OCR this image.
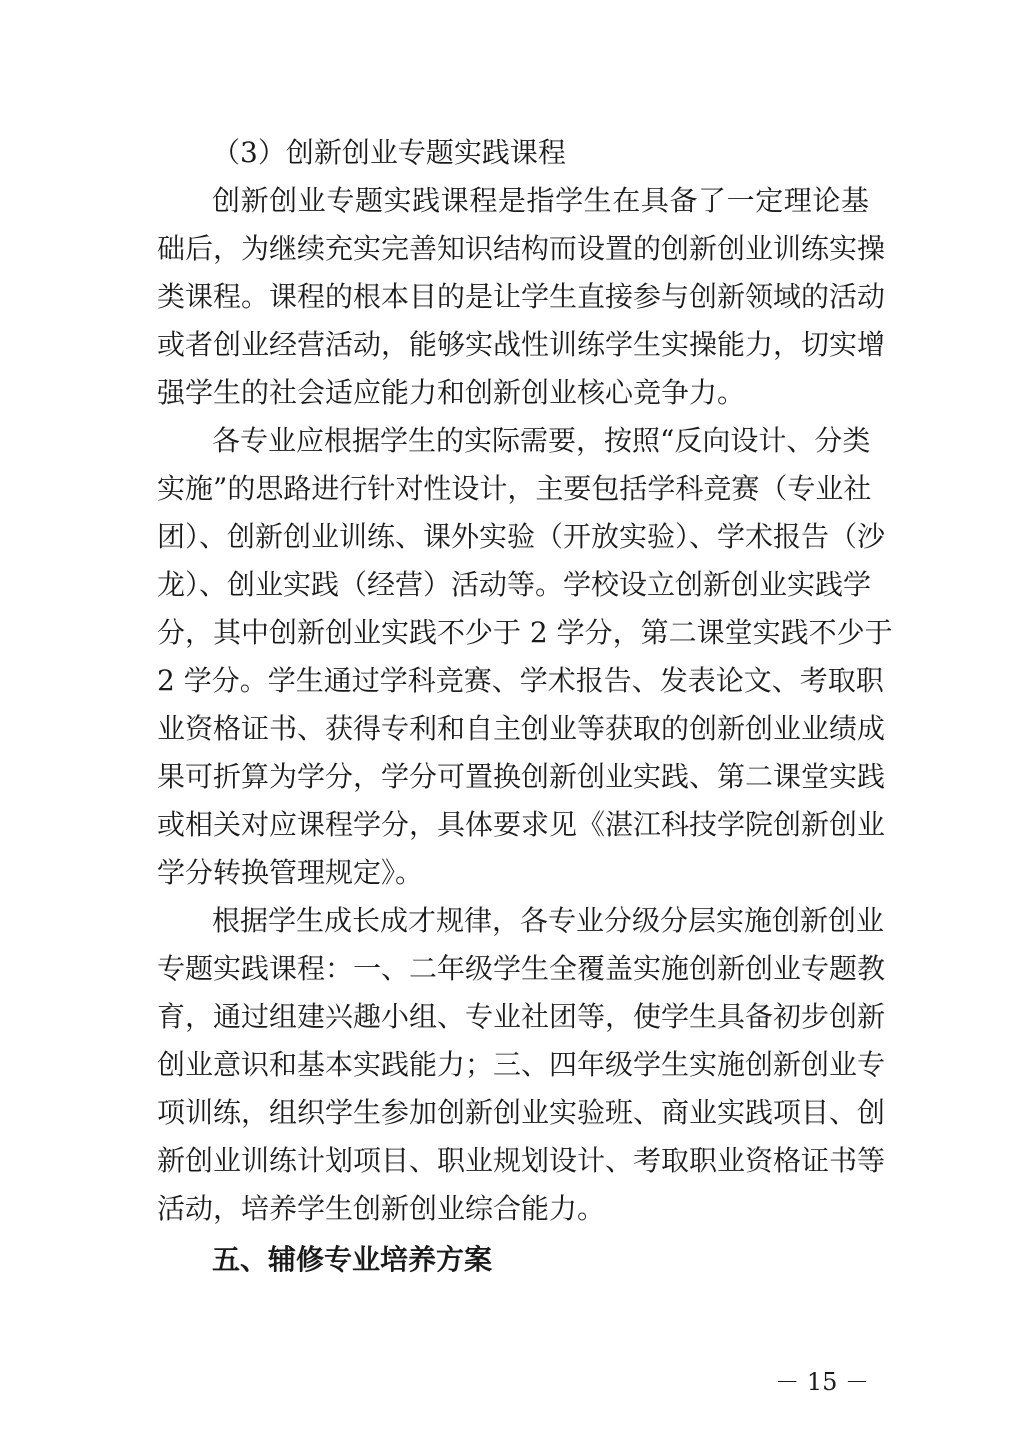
（3）创新创业专题实践课程
创新创业专题实践课程是指学生在具备了一定理论基
础后，为继续充实完善知识结构而设置的创新创业训练实操
类课程。课程的根本目的是让学生直接参与创新领域的活动
或者创业经营活动，能够实战性训练学生实操能力，切实增
强学生的社会适应能力和创新创业核心竞争力。
各专业应根据学生的实际需要，按照“反向设计、分类
实施”的思路进行针对性设计，主要包括学科竞赛（专业社
团）、创新创业训练、课外实验（开放实验）、学术报告（沙
龙）、创业实践（经营）活动等。学校设立创新创业实践学
分，其中创新创业实践不少于 2 学分，第二课堂实践不少于
2 学分。学生通过学科竞赛、学术报告、发表论文、考取职
业资格证书、获得专利和自主创业等获取的创新创业业绩成
果可折算为学分，学分可置换创新创业实践、第二课堂实践
或相关对应课程学分，具体要求见《湛江科技学院创新创业
学分转换管理规定》。
根据学生成长成才规律，各专业分级分层实施创新创业
专题实践课程：一、二年级学生全覆盖实施创新创业专题教
育，通过组建兴趣小组、专业社团等，使学生具备初步创新
创业意识和基本实践能力；三、四年级学生实施创新创业专
项训练，组织学生参加创新创业实验班、商业实践项目、创
新创业训练计划项目、职业规划设计、考取职业资格证书等
活动，培养学生创新创业综合能力。
五、辅修专业培养方案
－ 15 －
